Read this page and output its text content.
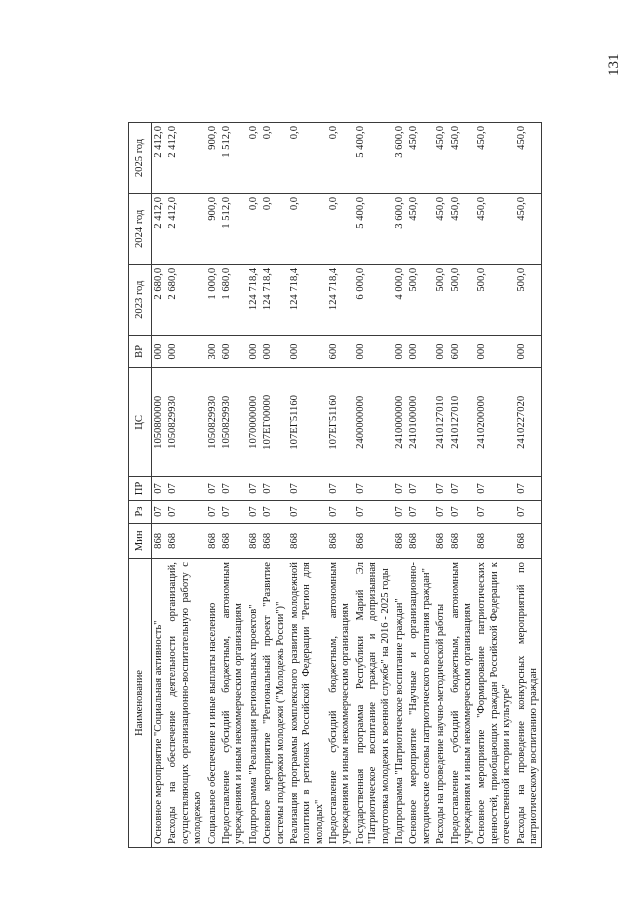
131
Наименование	Мин	Рз	ПР	ЦС	ВР	2023 год	2024 год	2025 год
Основное мероприятие "Социальная активность"	868	07	07	1050800000	000	2 680,0	2 412,0	2 412,0
Расходы на обеспечение деятельности организаций, осуществляющих организационно-воспитательную работу с молодежью	868	07	07	1050829930	000	2 680,0	2 412,0	2 412,0
Социальное обеспечение и иные выплаты населению	868	07	07	1050829930	300	1 000,0	900,0	900,0
Предоставление субсидий бюджетным, автономным учреждениям и иным некоммерческим организациям	868	07	07	1050829930	600	1 680,0	1 512,0	1 512,0
Подпрограмма "Реализация региональных проектов"	868	07	07	1070000000	000	124 718,4	0,0	0,0
Основное мероприятие "Региональный проект "Развитие системы поддержки молодежи ("Молодежь России")"	868	07	07	107ЕГ00000	000	124 718,4	0,0	0,0
Реализация программы комплексного развития молодежной политики в регионах Российской Федерации "Регион для молодых"	868	07	07	107ЕГ51160	000	124 718,4	0,0	0,0
Предоставление субсидий бюджетным, автономным учреждениям и иным некоммерческим организациям	868	07	07	107ЕГ51160	600	124 718,4	0,0	0,0
Государственная программа Республики Марий Эл "Патриотическое воспитание граждан и допризывная подготовка молодежи к военной службе" на 2016 - 2025 годы	868	07	07	2400000000	000	6 000,0	5 400,0	5 400,0
Подпрограмма "Патриотическое воспитание граждан"	868	07	07	2410000000	000	4 000,0	3 600,0	3 600,0
Основное мероприятие "Научные и организационно-методические основы патриотического воспитания граждан"	868	07	07	2410100000	000	500,0	450,0	450,0
Расходы на проведение научно-методической работы	868	07	07	2410127010	000	500,0	450,0	450,0
Предоставление субсидий бюджетным, автономным учреждениям и иным некоммерческим организациям	868	07	07	2410127010	600	500,0	450,0	450,0
Основное мероприятие "Формирование патриотических ценностей, приобщающих граждан Российской Федерации к отечественной истории и культуре"	868	07	07	2410200000	000	500,0	450,0	450,0
Расходы на проведение конкурсных мероприятий по патриотическому воспитанию граждан	868	07	07	2410227020	000	500,0	450,0	450,0
